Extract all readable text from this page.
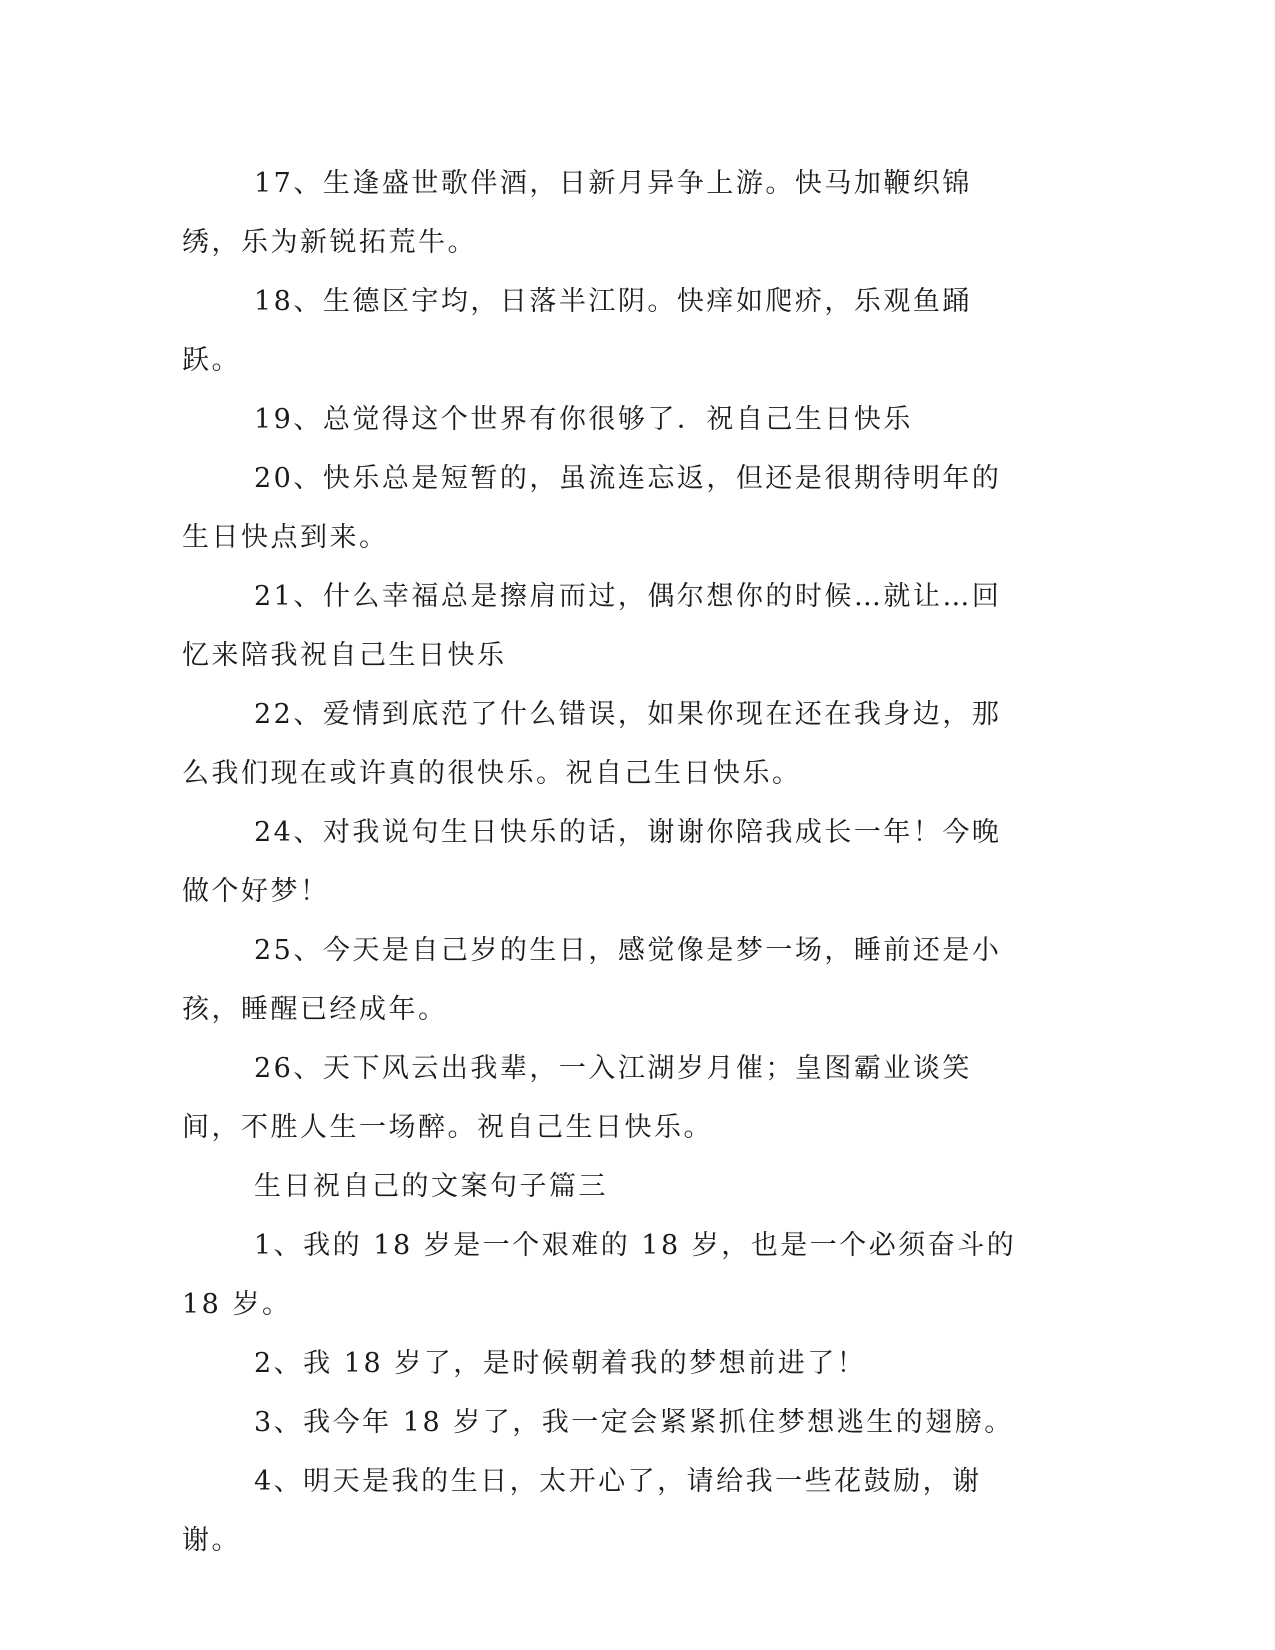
17、生逢盛世歌伴酒，日新月异争上游。快马加鞭织锦绣，乐为新锐拓荒牛。

18、生德区宇均，日落半江阴。快痒如爬疥，乐观鱼踊跃。

19、总觉得这个世界有你很够了．祝自己生日快乐

20、快乐总是短暂的，虽流连忘返，但还是很期待明年的生日快点到来。

21、什么幸福总是擦肩而过，偶尔想你的时候…就让…回忆来陪我祝自己生日快乐

22、爱情到底范了什么错误，如果你现在还在我身边，那么我们现在或许真的很快乐。祝自己生日快乐。

24、对我说句生日快乐的话，谢谢你陪我成长一年！今晚做个好梦！

25、今天是自己岁的生日，感觉像是梦一场，睡前还是小孩，睡醒已经成年。

26、天下风云出我辈，一入江湖岁月催；皇图霸业谈笑间，不胜人生一场醉。祝自己生日快乐。

生日祝自己的文案句子篇三

1、我的 18 岁是一个艰难的 18 岁，也是一个必须奋斗的 18 岁。

2、我 18 岁了，是时候朝着我的梦想前进了！

3、我今年 18 岁了，我一定会紧紧抓住梦想逃生的翅膀。

4、明天是我的生日，太开心了，请给我一些花鼓励，谢谢。
